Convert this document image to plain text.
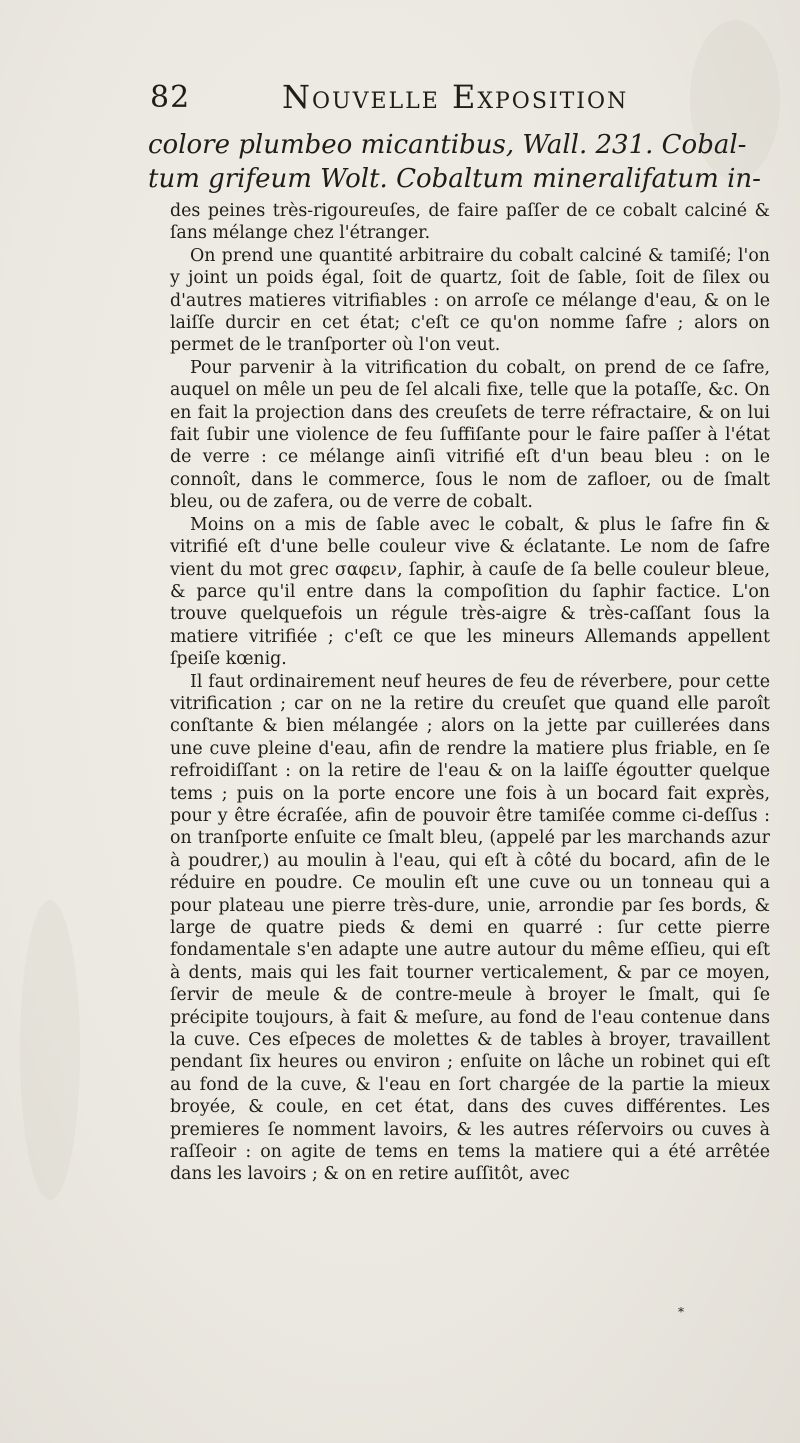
82	Nouvelle Exposition
colore plumbeo micantibus, Wall. 231. Cobal-
tum grifeum Wolt. Cobaltum mineralifatum in-

des peines très-rigoureuſes, de faire paſſer de ce cobalt calciné & ſans mélange chez l'étranger.

On prend une quantité arbitraire du cobalt calciné & tamiſé; l'on y joint un poids égal, ſoit de quartz, ſoit de ſable, ſoit de ſilex ou d'autres matieres vitrifiables : on arroſe ce mélange d'eau, & on le laiſſe durcir en cet état; c'eſt ce qu'on nomme ſafre ; alors on permet de le tranſporter où l'on veut.

Pour parvenir à la vitrification du cobalt, on prend de ce ſafre, auquel on mêle un peu de ſel alcali fixe, telle que la potaſſe, &c. On en fait la projection dans des creuſets de terre réfractaire, & on lui fait ſubir une violence de feu ſuffiſante pour le faire paſſer à l'état de verre : ce mélange ainſi vitrifié eſt d'un beau bleu : on le connoît, dans le commerce, ſous le nom de zafloer, ou de ſmalt bleu, ou de zafera, ou de verre de cobalt.

Moins on a mis de ſable avec le cobalt, & plus le ſafre fin & vitrifié eſt d'une belle couleur vive & éclatante. Le nom de ſafre vient du mot grec σαφειν, ſaphir, à cauſe de ſa belle couleur bleue, & parce qu'il entre dans la compoſition du ſaphir factice. L'on trouve quelquefois un régule très-aigre & très-caſſant ſous la matiere vitrifiée ; c'eſt ce que les mineurs Allemands appellent ſpeiſe kœnig.

Il faut ordinairement neuf heures de feu de réverbere, pour cette vitrification ; car on ne la retire du creuſet que quand elle paroît conſtante & bien mélangée ; alors on la jette par cuillerées dans une cuve pleine d'eau, afin de rendre la matiere plus friable, en ſe refroidiſſant : on la retire de l'eau & on la laiſſe égoutter quelque tems ; puis on la porte encore une fois à un bocard fait exprès, pour y être écraſée, afin de pouvoir être tamiſée comme ci-deſſus : on tranſporte enſuite ce ſmalt bleu, (appelé par les marchands azur à poudrer,) au moulin à l'eau, qui eſt à côté du bocard, afin de le réduire en poudre. Ce moulin eſt une cuve ou un tonneau qui a pour plateau une pierre très-dure, unie, arrondie par ſes bords, & large de quatre pieds & demi en quarré : ſur cette pierre fondamentale s'en adapte une autre autour du même eſſieu, qui eſt à dents, mais qui les fait tourner verticalement, & par ce moyen, ſervir de meule & de contre-meule à broyer le ſmalt, qui ſe précipite toujours, à fait & meſure, au fond de l'eau contenue dans la cuve. Ces eſpeces de molettes & de tables à broyer, travaillent pendant ſix heures ou environ ; enſuite on lâche un robinet qui eſt au fond de la cuve, & l'eau en ſort chargée de la partie la mieux broyée, & coule, en cet état, dans des cuves différentes. Les premieres ſe nomment lavoirs, & les autres réſervoirs ou cuves à raſſeoir : on agite de tems en tems la matiere qui a été arrêtée dans les lavoirs ; & on en retire auſſitôt, avec

*
